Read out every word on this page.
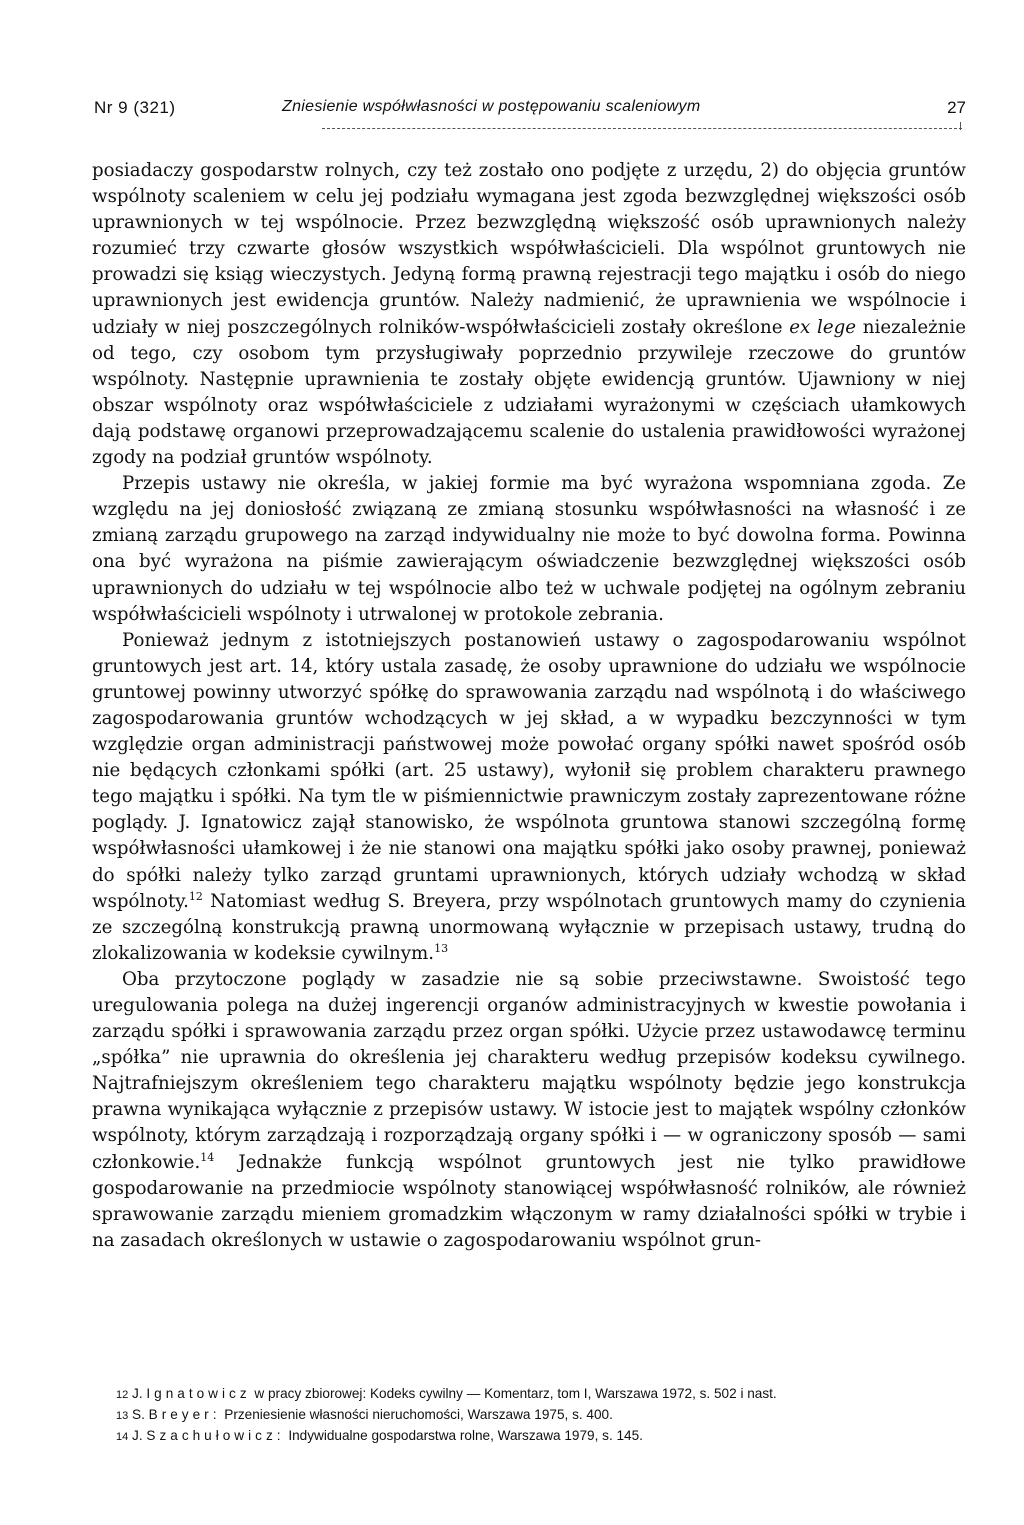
Nr 9 (321)	Zniesienie współwłasności w postępowaniu scaleniowym	27

posiadaczy gospodarstw rolnych, czy też zostało ono podjęte z urzędu, 2) do objęcia gruntów wspólnoty scaleniem w celu jej podziału wymagana jest zgoda bezwzględnej większości osób uprawnionych w tej wspólnocie. Przez bezwzględną większość osób uprawnionych należy rozumieć trzy czwarte głosów wszystkich współwłaścicieli. Dla wspólnot gruntowych nie prowadzi się ksiąg wieczystych. Jedyną formą prawną rejestracji tego majątku i osób do niego uprawnionych jest ewidencja gruntów. Należy nadmienić, że uprawnienia we wspólnocie i udziały w niej poszczególnych rolników-współwłaścicieli zostały określone ex lege niezależnie od tego, czy osobom tym przysługiwały poprzednio przywileje rzeczowe do gruntów wspólnoty. Następnie uprawnienia te zostały objęte ewidencją gruntów. Ujawniony w niej obszar wspólnoty oraz współwłaściciele z udziałami wyrażonymi w częściach ułamkowych dają podstawę organowi przeprowadzającemu scalenie do ustalenia prawidłowości wyrażonej zgody na podział gruntów wspólnoty.

Przepis ustawy nie określa, w jakiej formie ma być wyrażona wspomniana zgoda. Ze względu na jej doniosłość związaną ze zmianą stosunku współwłasności na własność i ze zmianą zarządu grupowego na zarząd indywidualny nie może to być dowolna forma. Powinna ona być wyrażona na piśmie zawierającym oświadczenie bezwzględnej większości osób uprawnionych do udziału w tej wspólnocie albo też w uchwale podjętej na ogólnym zebraniu współwłaścicieli wspólnoty i utrwalonej w protokole zebrania.

Ponieważ jednym z istotniejszych postanowień ustawy o zagospodarowaniu wspólnot gruntowych jest art. 14, który ustala zasadę, że osoby uprawnione do udziału we wspólnocie gruntowej powinny utworzyć spółkę do sprawowania zarządu nad wspólnotą i do właściwego zagospodarowania gruntów wchodzących w jej skład, a w wypadku bezczynności w tym względzie organ administracji państwowej może powołać organy spółki nawet spośród osób nie będących członkami spółki (art. 25 ustawy), wyłonił się problem charakteru prawnego tego majątku i spółki. Na tym tle w piśmiennictwie prawniczym zostały zaprezentowane różne poglądy. J. Ignatowicz zajął stanowisko, że wspólnota gruntowa stanowi szczególną formę współwłasności ułamkowej i że nie stanowi ona majątku spółki jako osoby prawnej, ponieważ do spółki należy tylko zarząd gruntami uprawnionych, których udziały wchodzą w skład wspólnoty.$^{12}$ Natomiast według S. Breyera, przy wspólnotach gruntowych mamy do czynienia ze szczególną konstrukcją prawną unormowaną wyłącznie w przepisach ustawy, trudną do zlokalizowania w kodeksie cywilnym.$^{13}$

Oba przytoczone poglądy w zasadzie nie są sobie przeciwstawne. Swoistość tego uregulowania polega na dużej ingerencji organów administracyjnych w kwestie powołania i zarządu spółki i sprawowania zarządu przez organ spółki. Użycie przez ustawodawcę terminu „spółka” nie uprawnia do określenia jej charakteru według przepisów kodeksu cywilnego. Najtrafniejszym określeniem tego charakteru majątku wspólnoty będzie jego konstrukcja prawna wynikająca wyłącznie z przepisów ustawy. W istocie jest to majątek wspólny członków wspólnoty, którym zarządzają i rozporządzają organy spółki i — w ograniczony sposób — sami członkowie.$^{14}$ Jednakże funkcją wspólnot gruntowych jest nie tylko prawidłowe gospodarowanie na przedmiocie wspólnoty stanowiącej współwłasność rolników, ale również sprawowanie zarządu mieniem gromadzkim włączonym w ramy działalności spółki w trybie i na zasadach określonych w ustawie o zagospodarowaniu wspólnot grun-

12 J. Ignatowicz w pracy zbiorowej: Kodeks cywilny — Komentarz, tom I, Warszawa 1972, s. 502 i nast.

13 S. Breyer: Przeniesienie własności nieruchomości, Warszawa 1975, s. 400.

14 J. Szachułowicz: Indywidualne gospodarstwa rolne, Warszawa 1979, s. 145.
